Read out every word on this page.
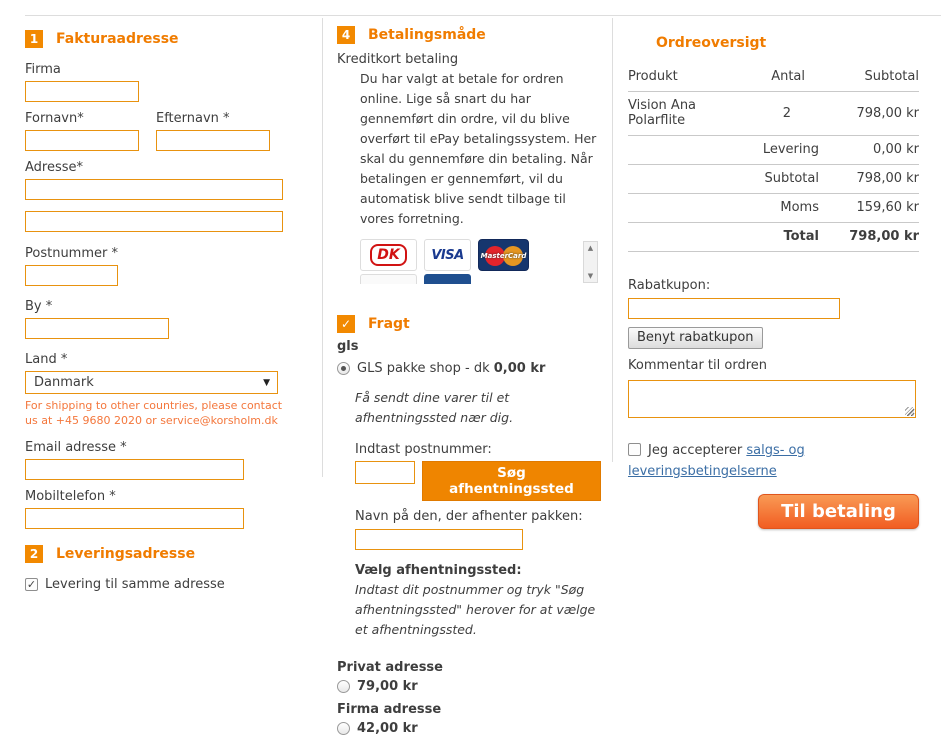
1	Fakturaadresse
Firma
Fornavn*	Efternavn *
Adresse*
Postnummer *
By *
Land *
Danmark	▼
For shipping to other countries, please contact us at +45 9680 2020 or service@korsholm.dk
Email adresse *
Mobiltelefon *
2	Leveringsadresse
✓
Levering til samme adresse
4	Betalingsmåde
Kreditkort betaling
Du har valgt at betale for ordren online. Lige så snart du har gennemført din ordre, vil du blive overført til ePay betalingssystem. Her skal du gennemføre din betaling. Når betalingen er gennemført, vil du automatisk blive sendt tilbage til vores forretning.
DK	VISA	MasterCard
▲
▼
✓ Fragt
gls
GLS pakke shop - dk 0,00 kr
Få sendt dine varer til et afhentningssted nær dig.
Indtast postnummer:
Søg afhentningssted
Navn på den, der afhenter pakken:
Vælg afhentningssted:
Indtast dit postnummer og tryk "Søg afhentningssted" herover for at vælge et afhentningssted.
Privat adresse
79,00 kr
Firma adresse
42,00 kr
Ordreoversigt
Produkt	Antal	Subtotal
Vision Ana Polarflite	2	798,00 kr
Levering	0,00 kr
Subtotal	798,00 kr
Moms	159,60 kr
Total	798,00 kr
Rabatkupon:
Benyt rabatkupon
Kommentar til ordren
Jeg accepterer salgs- og leveringsbetingelserne
Til betaling
